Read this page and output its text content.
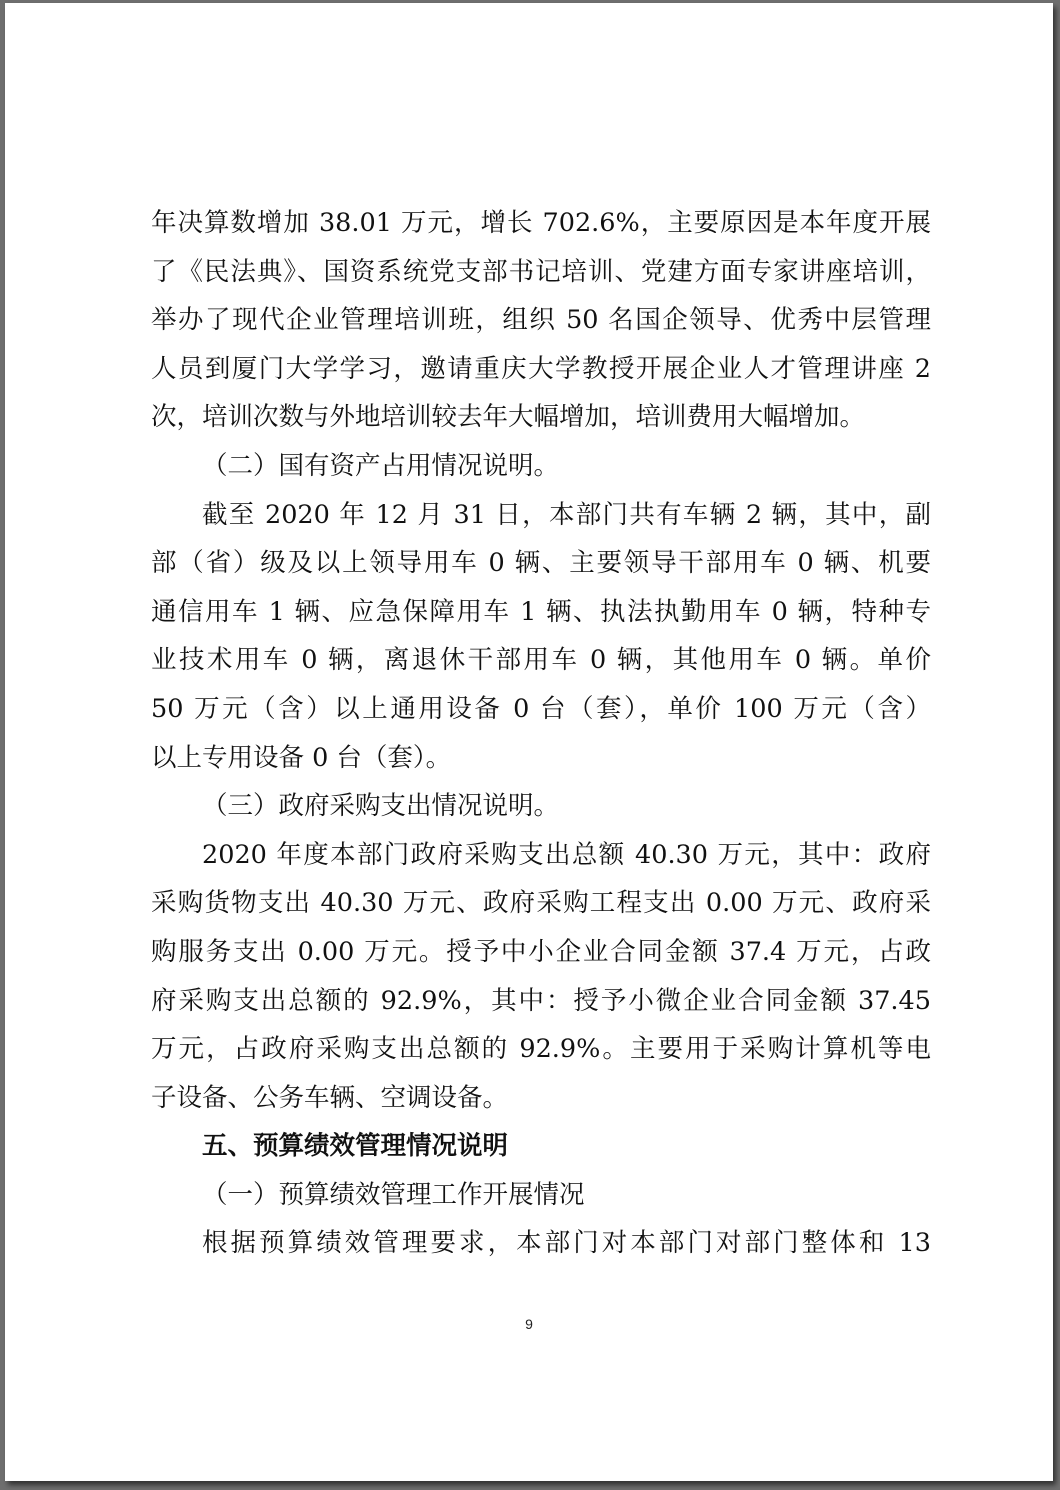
年决算数增加 38.01 万元，增长 702.6%，主要原因是本年度开展
了《民法典》、国资系统党支部书记培训、党建方面专家讲座培训，
举办了现代企业管理培训班，组织 50 名国企领导、优秀中层管理
人员到厦门大学学习，邀请重庆大学教授开展企业人才管理讲座 2
次，培训次数与外地培训较去年大幅增加，培训费用大幅增加。
（二）国有资产占用情况说明。
截至 2020 年 12 月 31 日，本部门共有车辆 2 辆，其中，副
部（省）级及以上领导用车 0 辆、主要领导干部用车 0 辆、机要
通信用车 1 辆、应急保障用车 1 辆、执法执勤用车 0 辆，特种专
业技术用车 0 辆，离退休干部用车 0 辆，其他用车 0 辆。单价
50 万元（含）以上通用设备 0 台（套），单价 100 万元（含）
以上专用设备 0 台（套）。
（三）政府采购支出情况说明。
2020 年度本部门政府采购支出总额 40.30 万元，其中：政府
采购货物支出 40.30 万元、政府采购工程支出 0.00 万元、政府采
购服务支出 0.00 万元。授予中小企业合同金额 37.4 万元，占政
府采购支出总额的 92.9%，其中：授予小微企业合同金额 37.45
万元，占政府采购支出总额的 92.9%。主要用于采购计算机等电
子设备、公务车辆、空调设备。
五、预算绩效管理情况说明
（一）预算绩效管理工作开展情况
根据预算绩效管理要求，本部门对本部门对部门整体和 13
9
